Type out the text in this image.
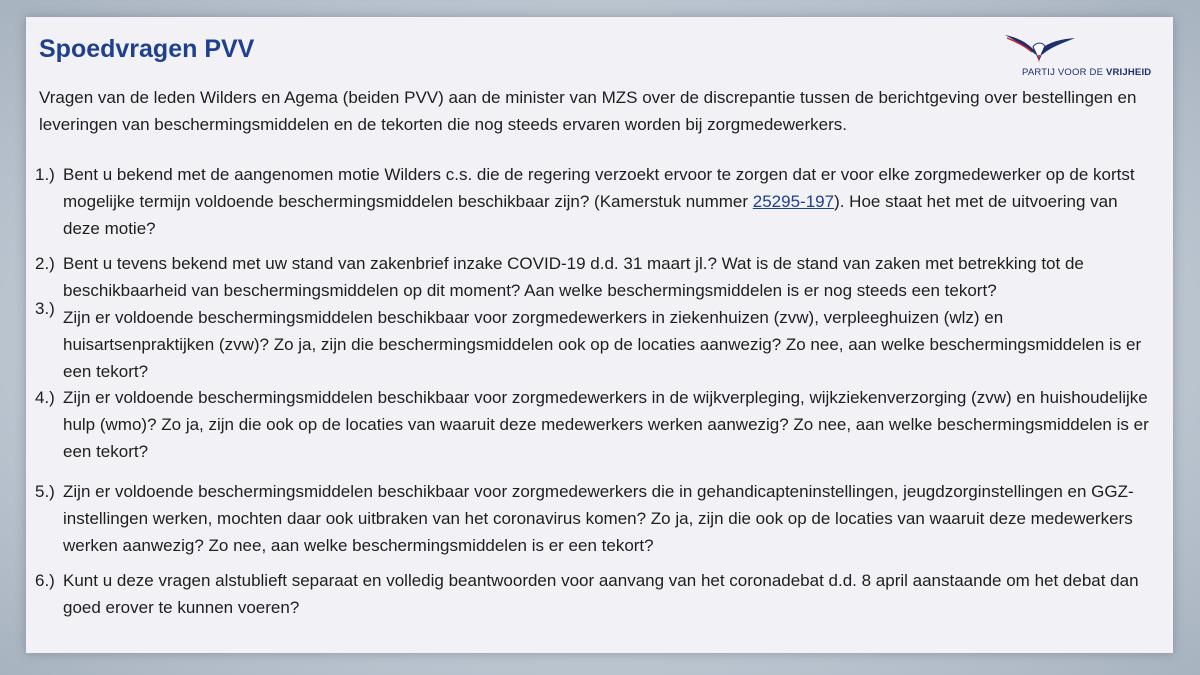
Spoedvragen PVV
PARTIJ VOOR DE VRIJHEID
Vragen van de leden Wilders en Agema (beiden PVV) aan de minister van MZS over de discrepantie tussen de berichtgeving over bestellingen en leveringen van beschermingsmiddelen en de tekorten die nog steeds ervaren worden bij zorgmedewerkers.
1.) Bent u bekend met de aangenomen motie Wilders c.s. die de regering verzoekt ervoor te zorgen dat er voor elke zorgmedewerker op de kortst mogelijke termijn voldoende beschermingsmiddelen beschikbaar zijn? (Kamerstuk nummer 25295-197). Hoe staat het met de uitvoering van deze motie?
2.) Bent u tevens bekend met uw stand van zakenbrief inzake COVID-19 d.d. 31 maart jl.? Wat is de stand van zaken met betrekking tot de beschikbaarheid van beschermingsmiddelen op dit moment? Aan welke beschermingsmiddelen is er nog steeds een tekort?
3.) Zijn er voldoende beschermingsmiddelen beschikbaar voor zorgmedewerkers in ziekenhuizen (zvw), verpleeghuizen (wlz) en huisartsenpraktijken (zvw)? Zo ja, zijn die beschermingsmiddelen ook op de locaties aanwezig? Zo nee, aan welke beschermingsmiddelen is er een tekort?
4.) Zijn er voldoende beschermingsmiddelen beschikbaar voor zorgmedewerkers in de wijkverpleging, wijkziekenverzorging (zvw) en huishoudelijke hulp (wmo)? Zo ja, zijn die ook op de locaties van waaruit deze medewerkers werken aanwezig? Zo nee, aan welke beschermingsmiddelen is er een tekort?
5.) Zijn er voldoende beschermingsmiddelen beschikbaar voor zorgmedewerkers die in gehandicapteninstellingen, jeugdzorginstellingen en GGZ-instellingen werken, mochten daar ook uitbraken van het coronavirus komen? Zo ja, zijn die ook op de locaties van waaruit deze medewerkers werken aanwezig? Zo nee, aan welke beschermingsmiddelen is er een tekort?
6.) Kunt u deze vragen alstublieft separaat en volledig beantwoorden voor aanvang van het coronadebat d.d. 8 april aanstaande om het debat dan goed erover te kunnen voeren?
